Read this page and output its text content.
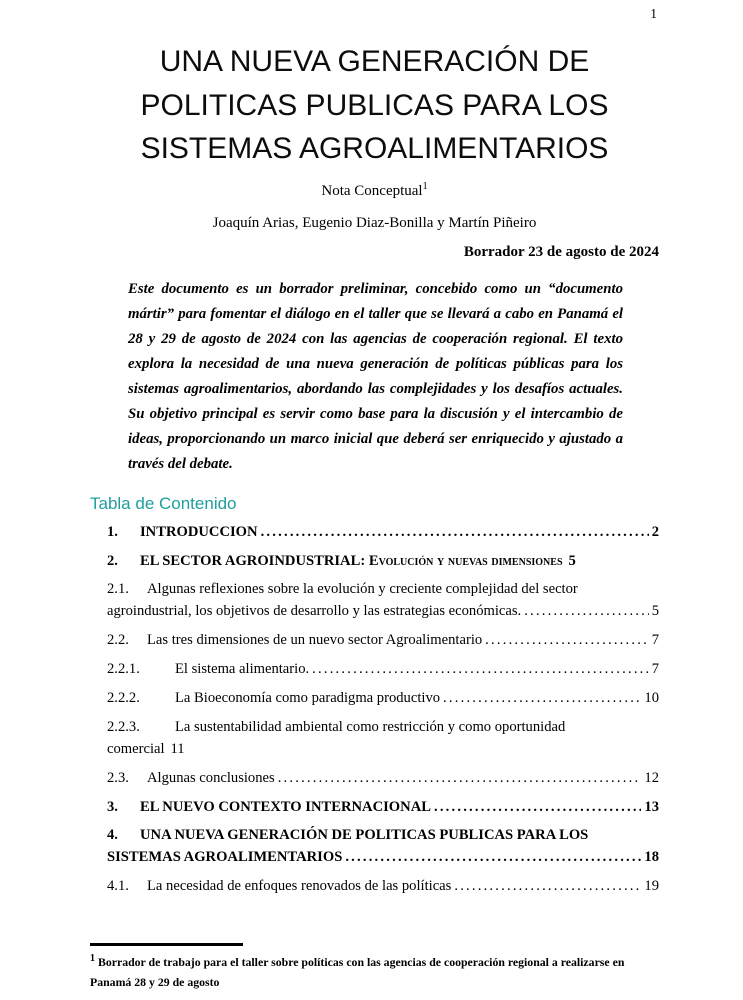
1
UNA NUEVA GENERACIÓN DE
POLITICAS PUBLICAS PARA LOS
SISTEMAS AGROALIMENTARIOS
Nota Conceptual$^1$
Joaquín Arias, Eugenio Diaz-Bonilla y Martín Piñeiro
Borrador 23 de agosto de 2024
Este documento es un borrador preliminar, concebido como un “documento mártir” para fomentar el diálogo en el taller que se llevará a cabo en Panamá el 28 y 29 de agosto de 2024 con las agencias de cooperación regional. El texto explora la necesidad de una nueva generación de políticas públicas para los sistemas agroalimentarios, abordando las complejidades y los desafíos actuales. Su objetivo principal es servir como base para la discusión y el intercambio de ideas, proporcionando un marco inicial que deberá ser enriquecido y ajustado a través del debate.
Tabla de Contenido
1. INTRODUCCION .....	2
2. EL SECTOR AGROINDUSTRIAL: Evolución y nuevas dimensiones 5
2.1. Algunas reflexiones sobre la evolución y creciente complejidad del sector
agroindustrial, los objetivos de desarrollo y las estrategias económicas. .....	5
2.2. Las tres dimensiones de un nuevo sector Agroalimentario .....	7
2.2.1. El sistema alimentario. .....	7
2.2.2. La Bioeconomía como paradigma productivo .....	10
2.2.3. La sustentabilidad ambiental como restricción y como oportunidad
comercial 11
2.3. Algunas conclusiones .....	12
3. EL NUEVO CONTEXTO INTERNACIONAL .....	13
4. UNA NUEVA GENERACIÓN DE POLITICAS PUBLICAS PARA LOS
SISTEMAS AGROALIMENTARIOS .....	18
4.1. La necesidad de enfoques renovados de las políticas .....	19
$^1$ Borrador de trabajo para el taller sobre políticas con las agencias de cooperación regional a realizarse en Panamá 28 y 29 de agosto
